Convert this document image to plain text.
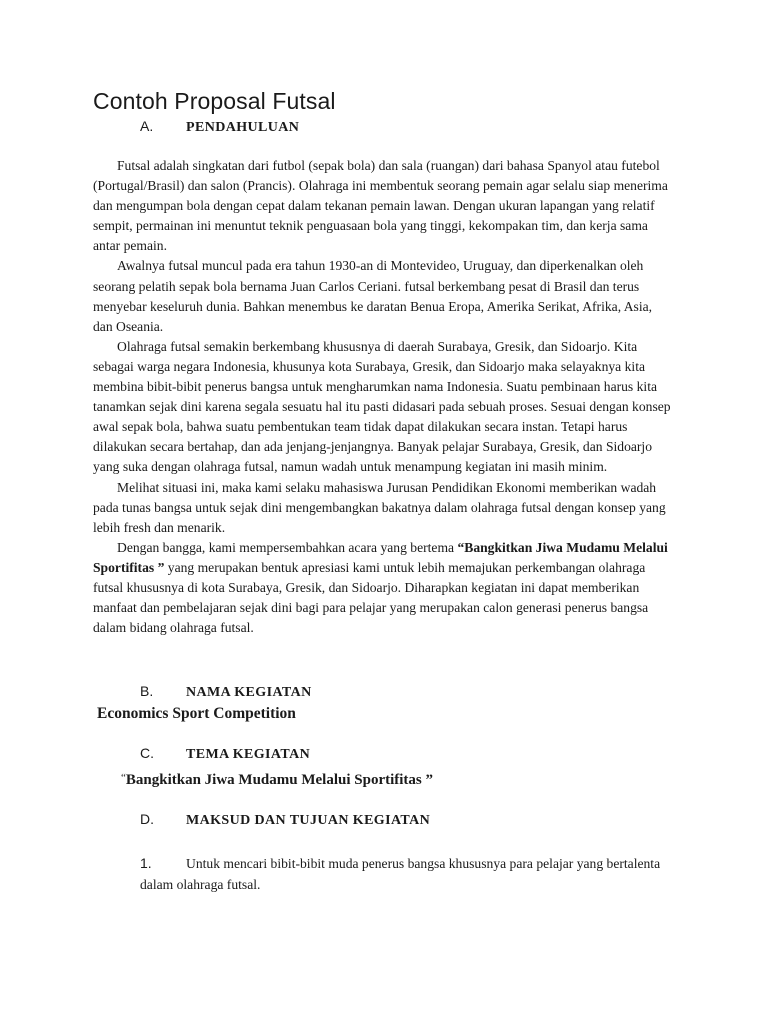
Contoh Proposal Futsal
A.	PENDAHULUAN

Futsal adalah singkatan dari futbol (sepak bola) dan sala (ruangan) dari bahasa Spanyol atau futebol (Portugal/Brasil) dan salon (Prancis). Olahraga ini membentuk seorang pemain agar selalu siap menerima dan mengumpan bola dengan cepat dalam tekanan pemain lawan. Dengan ukuran lapangan yang relatif sempit, permainan ini menuntut teknik penguasaan bola yang tinggi, kekompakan tim, dan kerja sama antar pemain.

Awalnya futsal muncul pada era tahun 1930-an di Montevideo, Uruguay, dan diperkenalkan oleh seorang pelatih sepak bola bernama Juan Carlos Ceriani. futsal berkembang pesat di Brasil dan terus menyebar keseluruh dunia. Bahkan menembus ke daratan Benua Eropa, Amerika Serikat, Afrika, Asia, dan Oseania.

Olahraga futsal semakin berkembang khususnya di daerah Surabaya, Gresik, dan Sidoarjo. Kita sebagai warga negara Indonesia, khusunya kota Surabaya, Gresik, dan Sidoarjo maka selayaknya kita membina bibit-bibit penerus bangsa untuk mengharumkan nama Indonesia. Suatu pembinaan harus kita tanamkan sejak dini karena segala sesuatu hal itu pasti didasari pada sebuah proses. Sesuai dengan konsep awal sepak bola, bahwa suatu pembentukan team tidak dapat dilakukan secara instan. Tetapi harus dilakukan secara bertahap, dan ada jenjang-jenjangnya. Banyak pelajar Surabaya, Gresik, dan Sidoarjo yang suka dengan olahraga futsal, namun wadah untuk menampung kegiatan ini masih minim.

Melihat situasi ini, maka kami selaku mahasiswa Jurusan Pendidikan Ekonomi memberikan wadah pada tunas bangsa untuk sejak dini mengembangkan bakatnya dalam olahraga futsal dengan konsep yang lebih fresh dan menarik.

Dengan bangga, kami mempersembahkan acara yang bertema “Bangkitkan Jiwa Mudamu Melalui Sportifitas ” yang merupakan bentuk apresiasi kami untuk lebih memajukan perkembangan olahraga futsal khususnya di kota Surabaya, Gresik, dan Sidoarjo. Diharapkan kegiatan ini dapat memberikan manfaat dan pembelajaran sejak dini bagi para pelajar yang merupakan calon generasi penerus bangsa dalam bidang olahraga futsal.

B.	NAMA KEGIATAN
Economics Sport Competition
C.	TEMA KEGIATAN
“Bangkitkan Jiwa Mudamu Melalui Sportifitas ”
D.	MAKSUD DAN TUJUAN KEGIATAN
1.	Untuk mencari bibit-bibit muda penerus bangsa khususnya para pelajar yang bertalenta dalam olahraga futsal.
